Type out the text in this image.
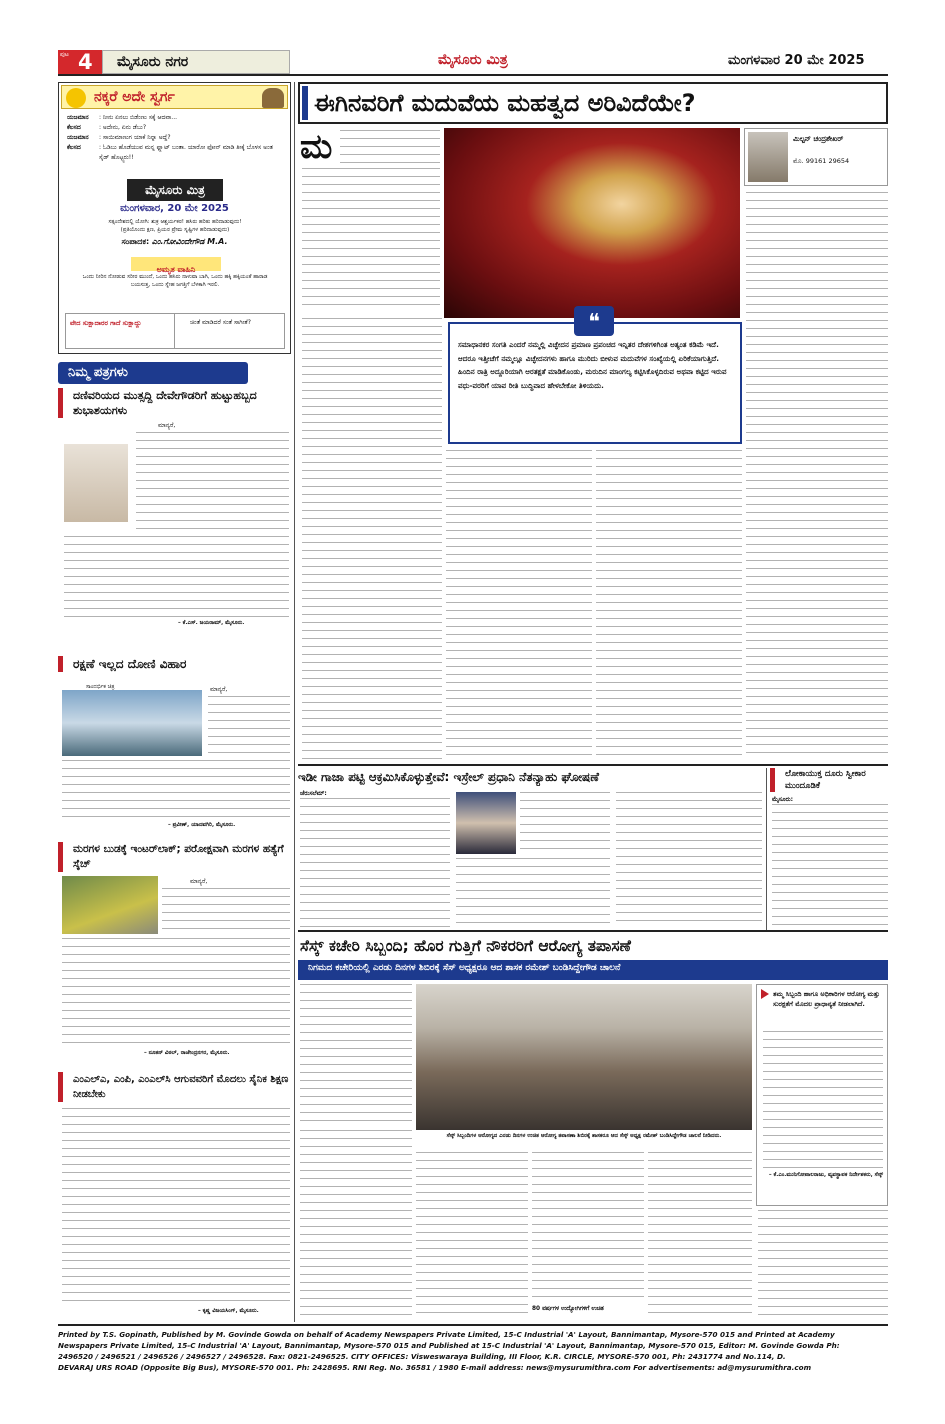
ಪುಟ 4 ಮೈಸೂರು ನಗರ	ಮೈಸೂರು ಮಿತ್ರ	ಮಂಗಳವಾರ 20 ಮೇ 2025
ನಕ್ಕರೆ ಅದೇ ಸ್ವರ್ಗ
ಯಜಮಾನ	: ನೀನು ಏನಲು ಬಿಡೆಂಣು ಸಕ್ಕೆ ಆದವಾ...
ಕೆಲಸದ	: ಅದೇನು, ಏನು ಡೆಬು?
ಯಜಮಾನ	: ಸಾಯಿಮಾಣುಗ ಯಾಕೆ ನಿನ್ನಾ ಅದ್ದೆ?
ಕೆಲಸದ	: ಓಡಿಬು ಹೊಡೆಯುವ ಮನ್ನ ಫ್ಲ್ಲಾಟ್ ಬಂತಾ. ಯಾರೋ ಫೋನ್ ಮಾಡಿ ತೀಕ್ಕೆ ಬೊಳಸ ಅಂತ ಸೈಡ್ ಹೊಟ್ಟ್ಟರು!!
ಮೈಸೂರು ಮಿತ್ರ
ಮಂಗಳವಾರ, 20 ಮೇ 2025
ಸತ್ಸಂದೇಶದಲ್ಲಿ ಯೋಗಿ: ಶುಕ್ರ ಆಶ್ಚರ್ಯಕರ! ಹಸಿರು ಹರಿತು ಹರಿದಾಡುವುದು!
(ಪ್ರತಿಯೊಂದು ಕ್ಷಣ, ಪ್ರಿಯರ ಪ್ರೇಮ ಸೃಷ್ಟಿಗಳ ಹರಿದಾಡುವುದು)
ಸಂಪಾದಕ: ಎಂ.ಗೋವಿಂದೇಗೌಡ M.A.
ಅಮೃತ ವಾಹಿನಿ
ಒಂದು ನೀರಿನ ನೋಡುವ ಸರೀರ ಮುಂದೆ, ಒಂದು ಹಸಿರು ನಾಳುವಾ ಬಾಗಿ, ಒಂದು ಹಕ್ಕಿ ಹಕ್ಕಿಯಂತೆ ಹಾರಾಡ ಬಯಸುತ್ತ, ಒಂದು ಸ್ನೇಹ ಜಗತ್ತಿಗೆ ಬೆಳಕಾಗಿ ಇರಲಿ.
ವೇದ ಸುಕ್ಷಾದಾರರ ಗಾದೆ ಸುಕ್ಷಾದ್ದು	ಚಿಂತೆ ಮಾಡಿದರೆ ಸಂತೆ ಸಾಗೀತೆ?
ನಿಮ್ಮ ಪತ್ರಗಳು
ದಣಿವರಿಯದ ಮುತ್ಸದ್ದಿ ದೇವೇಗೌಡರಿಗೆ ಹುಟ್ಟುಹಬ್ಬದ ಶುಭಾಶಯಗಳು
ಮಾನ್ಯರೆ,
– ಕೆ.ಎಸ್. ಜಯರಾಮ್, ಮೈಸೂರು.
ರಕ್ಷಣೆ ಇಲ್ಲದ ದೋಣಿ ವಿಹಾರ
ಸಾಂದರ್ಭಿಕ ಚಿತ್ರ	ಮಾನ್ಯರೆ,
– ಪ್ರವೀಣ್, ಯಾದವಗಿರಿ, ಮೈಸೂರು.
ಮರಗಳ ಬುಡಕ್ಕೆ ಇಂಟರ್‌ಲಾಕ್; ಪರೋಕ್ಷವಾಗಿ ಮರಗಳ ಹತ್ಯೆಗೆ ಸ್ಕೆಚ್
ಮಾನ್ಯರೆ,
– ನೂತನ್ ವಿಠಲ್, ರಾಜೇಂದ್ರನಗರ, ಮೈಸೂರು.
ಎಂಎಲ್‌ಎ, ಎಂಪಿ, ಎಂಎಲ್‌ಸಿ ಆಗುವವರಿಗೆ ಮೊದಲು ಸೈನಿಕ ಶಿಕ್ಷಣ ನೀಡಬೇಕು
– ಕೃಷ್ಣ ವಿಜಯಸಿಂಗ್, ಮೈಸೂರು.
ಈಗಿನವರಿಗೆ ಮದುವೆಯ ಮಹತ್ವದ ಅರಿವಿದೆಯೇ?
ಮ	ಮಿಲ್ಟನ್ ಚಂದ್ರಶೇಖರ್
ಮೊ. 99161 29654
❝
ಸಮಾಧಾನಕರ ಸಂಗತಿ ಎಂದರೆ ನಮ್ಮಲ್ಲಿ ವಿಚ್ಛೇದನ ಪ್ರಮಾಣ ಪ್ರಪಂಚದ ಇನ್ನಿತರ ದೇಶಗಳಿಗಿಂತ ಅತ್ಯಂತ ಕಡಿಮೆ ಇದೆ. ಆದರೂ ಇತ್ತೀಚೆಗೆ ನಮ್ಮಲ್ಲೂ ವಿಚ್ಛೇದನಗಳು ಹಾಗೂ ಮುರಿದು ಬೀಳುವ ಮದುವೆಗಳ ಸಂಖ್ಯೆಯಲ್ಲಿ ಏರಿಕೆಯಾಗುತ್ತಿದೆ. ಹಿಂದಿನ ರಾತ್ರಿ ಅದ್ದೂರಿಯಾಗಿ ಆರತಕ್ಷತೆ ಮಾಡಿಕೊಂಡು, ಮರುದಿನ ಮಾಂಗಲ್ಯ ಕಟ್ಟಿಸಿಕೊಳ್ಳದಿರುವ ಅಥವಾ ಕಟ್ಟಿದ ಇರುವ ವಧು-ವರರಿಗೆ ಯಾವ ರೀತಿ ಬುದ್ಧಿವಾದ ಹೇಳಬೇಕೋ ತಿಳಿಯದು.
ಇಡೀ ಗಾಜಾ ಪಟ್ಟಿ ಆಕ್ರಮಿಸಿಕೊಳ್ಳುತ್ತೇವೆ: ಇಸ್ರೇಲ್ ಪ್ರಧಾನಿ ನೆತನ್ಯಾಹು ಘೋಷಣೆ
ಜೆರುಸಲೆಮ್:
ಲೋಕಾಯುಕ್ತ ದೂರು ಸ್ವೀಕಾರ ಮುಂದೂಡಿಕೆ
ಮೈಸೂರು:
ಸೆಸ್ಕ್ ಕಚೇರಿ ಸಿಬ್ಬಂದಿ; ಹೊರ ಗುತ್ತಿಗೆ ನೌಕರರಿಗೆ ಆರೋಗ್ಯ ತಪಾಸಣೆ
ನಿಗಮದ ಕಚೇರಿಯಲ್ಲಿ ಎರಡು ದಿನಗಳ ಶಿಬಿರಕ್ಕೆ ಸೆಸ್ ಅಧ್ಯಕ್ಷರೂ ಆದ ಶಾಸಕ ರಮೇಶ್ ಬಂಡಿಸಿದ್ದೇಗೌಡ ಚಾಲನೆ
ತಮ್ಮ ಸಿಬ್ಬಂದಿ ಹಾಗೂ ಅಧಿಕಾರಿಗಳ ಆರೋಗ್ಯ ಮತ್ತು ಸುರಕ್ಷತೆಗೆ ಮೊದಲ ಪ್ರಾಧಾನ್ಯತೆ ನೀಡಲಾಗಿದೆ.
– ಕೆ.ಎಂ.ಮುನಿಗೋಪಾಲರಾಜು, ವ್ಯವಸ್ಥಾಪಕ ನಿರ್ದೇಶಕರು, ಸೆಸ್ಕ್
ಸೆಸ್ಕ್ ಸಿಬ್ಬಂದಿಗಳ ಆರೋಗ್ಯದ ಎರಡು ದಿನಗಳ ಉಚಿತ ಆರೋಗ್ಯ ತಪಾಸಣಾ ಶಿಬಿರಕ್ಕೆ ಶಾಸಕರೂ ಆದ ಸೆಸ್ಕ್ ಅಧ್ಯಕ್ಷ ರಮೇಶ್ ಬಂಡಿಸಿದ್ದೇಗೌಡ ಚಾಲನೆ ನೀಡಿದರು.
80 ವರ್ಷಗಳ ಉದ್ಯೋಗಿಗಳಿಗೆ ಉಚಿತ
Printed by T.S. Gopinath, Published by M. Govinde Gowda on behalf of Academy Newspapers Private Limited, 15-C Industrial 'A' Layout, Bannimantap, Mysore-570 015 and Printed at Academy
Newspapers Private Limited, 15-C Industrial 'A' Layout, Bannimantap, Mysore-570 015 and Published at 15-C Industrial 'A' Layout, Bannimantap, Mysore-570 015, Editor: M. Govinde Gowda Ph:
2496520 / 2496521 / 2496526 / 2496527 / 2496528. Fax: 0821-2496525. CITY OFFICES: Visweswaraya Building, III Floor, K.R. CIRCLE, MYSORE-570 001, Ph: 2431774 and No.114, D.
DEVARAJ URS ROAD (Opposite Big Bus), MYSORE-570 001. Ph: 2428695. RNI Reg. No. 36581 / 1980 E-mail address: news@mysurumithra.com For advertisements: ad@mysurumithra.com
